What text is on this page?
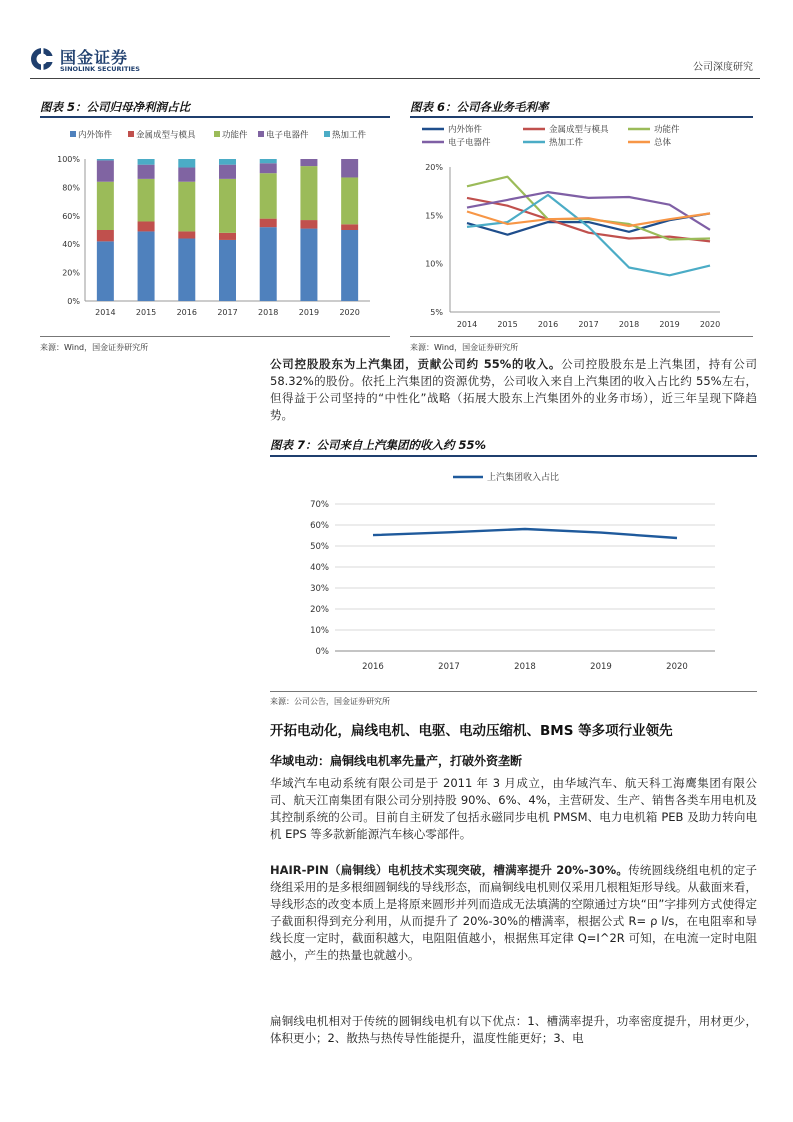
国金证券
SINOLINK SECURITIES	公司深度研究
图表 5：公司归母净利润占比
内外饰件	金属成型与模具	功能件 电子电器件	热加工件
0%
20%
40%
60%
80%
100%
2014	2015	2016	2017	2018	2019	2020
来源：Wind，国金证券研究所
图表 6：公司各业务毛利率
内外饰件	金属成型与模具	功能件
电子电器件	热加工件	总体
5%
10%
15%
20%
2014	2015	2016	2017	2018	2019	2020
来源：Wind，国金证券研究所
公司控股股东为上汽集团，贡献公司约 55%的收入。公司控股股东是上汽集团，持有公司 58.32%的股份。依托上汽集团的资源优势，公司收入来自上汽集团的收入占比约 55%左右，但得益于公司坚持的“中性化”战略（拓展大股东上汽集团外的业务市场），近三年呈现下降趋势。
图表 7：公司来自上汽集团的收入约 55%
上汽集团收入占比
0%
10%
20%
30%
40%
50%
60%
70%
2016	2017	2018	2019	2020
来源：公司公告，国金证券研究所
开拓电动化，扁线电机、电驱、电动压缩机、BMS 等多项行业领先
华域电动：扁铜线电机率先量产，打破外资垄断
华域汽车电动系统有限公司是于 2011 年 3 月成立，由华域汽车、航天科工海鹰集团有限公司、航天江南集团有限公司分别持股 90%、6%、4%，主营研发、生产、销售各类车用电机及其控制系统的公司。目前自主研发了包括永磁同步电机 PMSM、电力电机箱 PEB 及助力转向电机 EPS 等多款新能源汽车核心零部件。
HAIR-PIN（扁铜线）电机技术实现突破，槽满率提升 20%-30%。传统圆线绕组电机的定子绕组采用的是多根细圆铜线的导线形态，而扁铜线电机则仅采用几根粗矩形导线。从截面来看，导线形态的改变本质上是将原来圆形并列而造成无法填满的空隙通过方块“田”字排列方式使得定子截面积得到充分利用，从而提升了 20%-30%的槽满率，根据公式 R= ρ l/s，在电阻率和导线长度一定时，截面积越大，电阻阻值越小，根据焦耳定律 Q=I^2R 可知，在电流一定时电阻越小，产生的热量也就越小。
扁铜线电机相对于传统的圆铜线电机有以下优点：1、槽满率提升，功率密度提升，用材更少，体积更小；2、散热与热传导性能提升，温度性能更好；3、电
